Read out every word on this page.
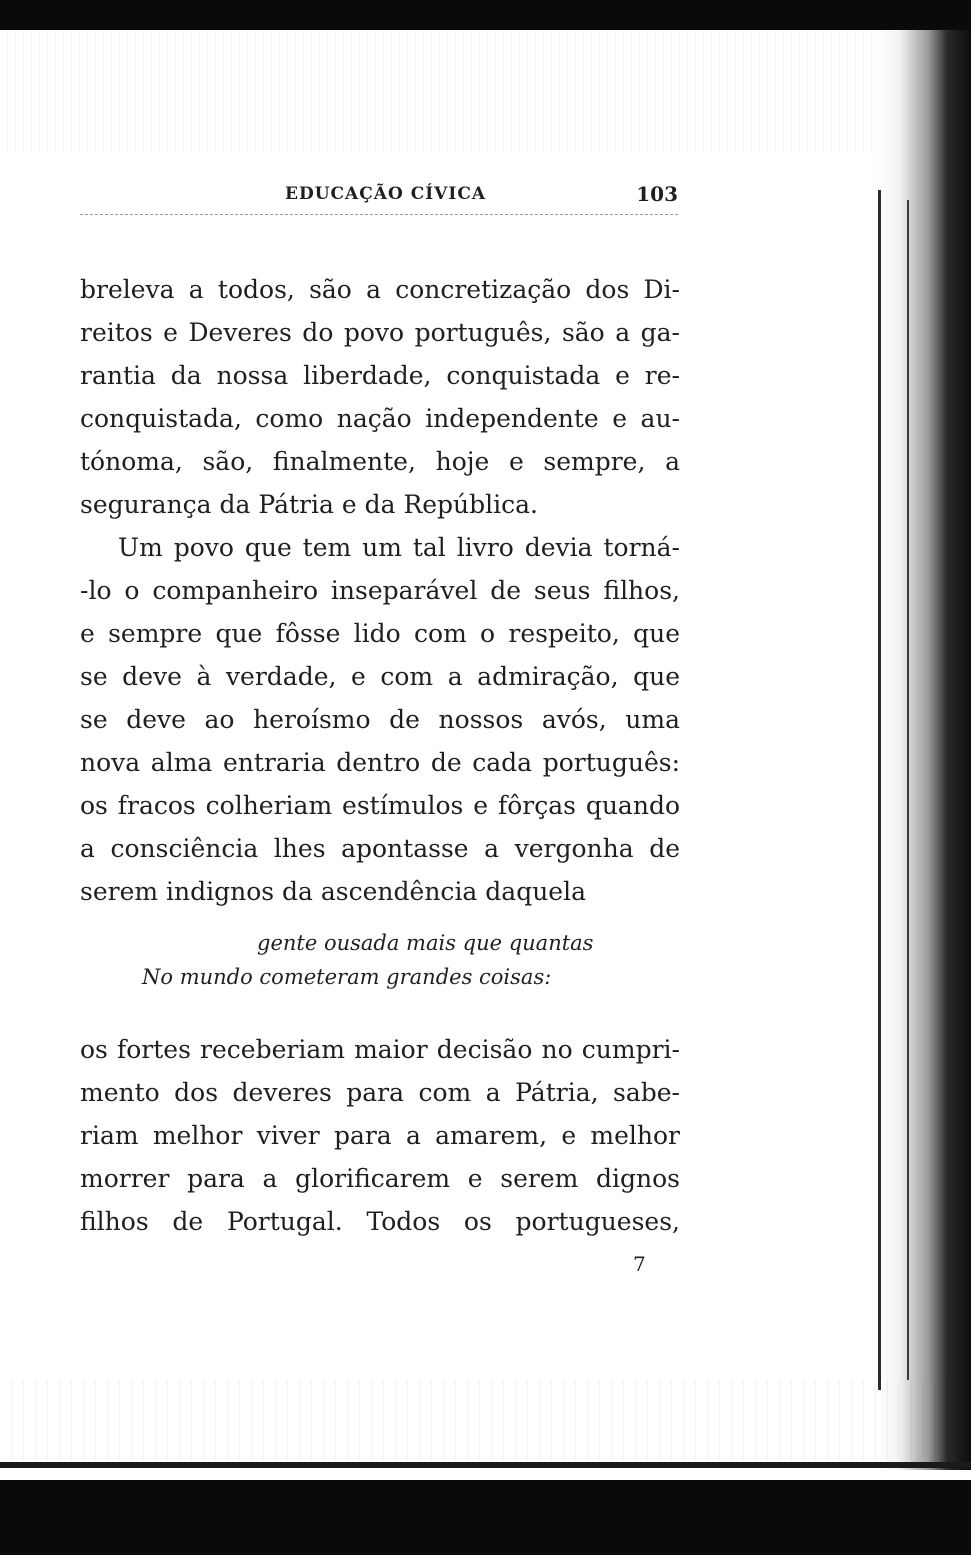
EDUCAÇÃO CÍVICA	103
breleva a todos, são a concretização dos Di-
reitos e Deveres do povo português, são a ga-
rantia da nossa liberdade, conquistada e re-
conquistada, como nação independente e au-
tónoma, são, finalmente, hoje e sempre, a
segurança da Pátria e da República.
Um povo que tem um tal livro devia torná-
-lo o companheiro inseparável de seus filhos,
e sempre que fôsse lido com o respeito, que
se deve à verdade, e com a admiração, que
se deve ao heroísmo de nossos avós, uma
nova alma entraria dentro de cada português:
os fracos colheriam estímulos e fôrças quando
a consciência lhes apontasse a vergonha de
serem indignos da ascendência daquela
gente ousada mais que quantas
No mundo cometeram grandes coisas:
os fortes receberiam maior decisão no cumpri-
mento dos deveres para com a Pátria, sabe-
riam melhor viver para a amarem, e melhor
morrer para a glorificarem e serem dignos
filhos de Portugal. Todos os portugueses,
7
